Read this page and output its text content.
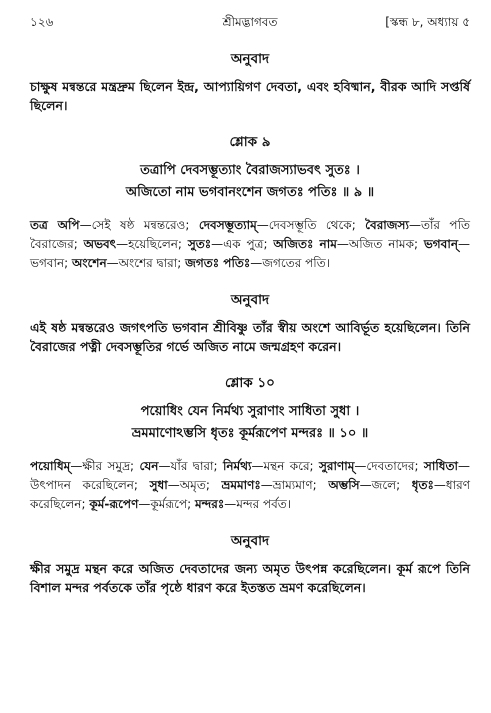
১২৬	শ্রীমদ্ভাগবত	[স্কন্ধ ৮, অধ্যায় ৫
অনুবাদ

চাক্ষুষ মন্বন্তরে মন্ত্রদ্রুম ছিলেন ইন্দ্র, আপ্যায়িগণ দেবতা, এবং হবিষ্মান, বীরক আদি সপ্তর্ষি ছিলেন।

শ্লোক ৯

তত্রাপি দেবসম্ভূত্যাং বৈরাজস্যাভবৎ সুতঃ ।

অজিতো নাম ভগবানংশেন জগতঃ পতিঃ ॥ ৯ ॥

তত্র অপি—সেই ষষ্ঠ মন্বন্তরেও; দেবসম্ভূত্যাম্—দেবসম্ভূতি থেকে; বৈরাজস্য—তাঁর পতি বৈরাজের; অভবৎ—হয়েছিলেন; সুতঃ—এক পুত্র; অজিতঃ নাম—অজিত নামক; ভগবান্—ভগবান; অংশেন—অংশের দ্বারা; জগতঃ পতিঃ—জগতের পতি।

অনুবাদ

এই ষষ্ঠ মন্বন্তরেও জগৎপতি ভগবান শ্রীবিষ্ণু তাঁর স্বীয় অংশে আবির্ভূত হয়েছিলেন। তিনি বৈরাজের পত্নী দেবসম্ভূতির গর্ভে অজিত নামে জন্মগ্রহণ করেন।

শ্লোক ১০

পয়োধিং যেন নির্মথ্য সুরাণাং সাধিতা সুধা ।

ভ্রমমাণোঽম্ভসি ধৃতঃ কূর্মরূপেণ মন্দরঃ ॥ ১০ ॥

পয়োধিম্—ক্ষীর সমুদ্র; যেন—যাঁর দ্বারা; নির্মথ্য—মন্থন করে; সুরাণাম্—দেবতাদের; সাধিতা—উৎপাদন করেছিলেন; সুধা—অমৃত; ভ্রমমাণঃ—ভ্রাম্যমাণ; অম্ভসি—জলে; ধৃতঃ—ধারণ করেছিলেন; কূর্ম-রূপেণ—কূর্মরূপে; মন্দরঃ—মন্দর পর্বত।

অনুবাদ

ক্ষীর সমুদ্র মন্থন করে অজিত দেবতাদের জন্য অমৃত উৎপন্ন করেছিলেন। কূর্ম রূপে তিনি বিশাল মন্দর পর্বতকে তাঁর পৃষ্ঠে ধারণ করে ইতস্তত ভ্রমণ করেছিলেন।
